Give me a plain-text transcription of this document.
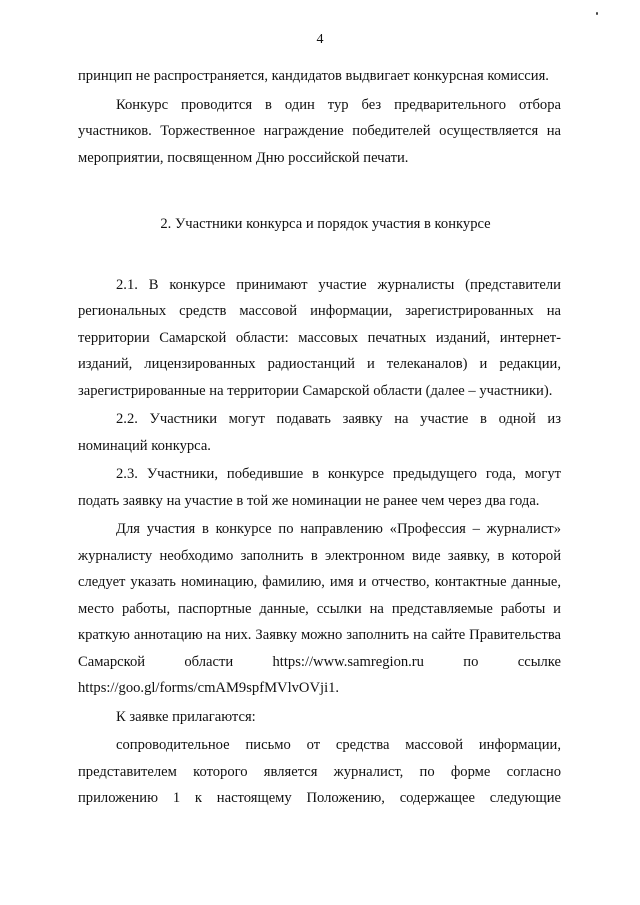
4

принцип не распространяется, кандидатов выдвигает конкурсная комиссия.

Конкурс проводится в один тур без предварительного отбора участников. Торжественное награждение победителей осуществляется на мероприятии, посвященном Дню российской печати.

2. Участники конкурса и порядок участия в конкурсе

2.1. В конкурсе принимают участие журналисты (представители региональных средств массовой информации, зарегистрированных на территории Самарской области: массовых печатных изданий, интернет-изданий, лицензированных радиостанций и телеканалов) и редакции, зарегистрированные на территории Самарской области (далее – участники).

2.2. Участники могут подавать заявку на участие в одной из номинаций конкурса.

2.3. Участники, победившие в конкурсе предыдущего года, могут подать заявку на участие в той же номинации не ранее чем через два года.

Для участия в конкурсе по направлению «Профессия – журналист» журналисту необходимо заполнить в электронном виде заявку, в которой следует указать номинацию, фамилию, имя и отчество, контактные данные, место работы, паспортные данные, ссылки на представляемые работы и краткую аннотацию на них. Заявку можно заполнить на сайте Правительства Самарской области https://www.samregion.ru по ссылке https://goo.gl/forms/cmAM9spfMVlvOVji1.

К заявке прилагаются:

сопроводительное письмо от средства массовой информации, представителем которого является журналист, по форме согласно приложению 1 к настоящему Положению, содержащее следующие
